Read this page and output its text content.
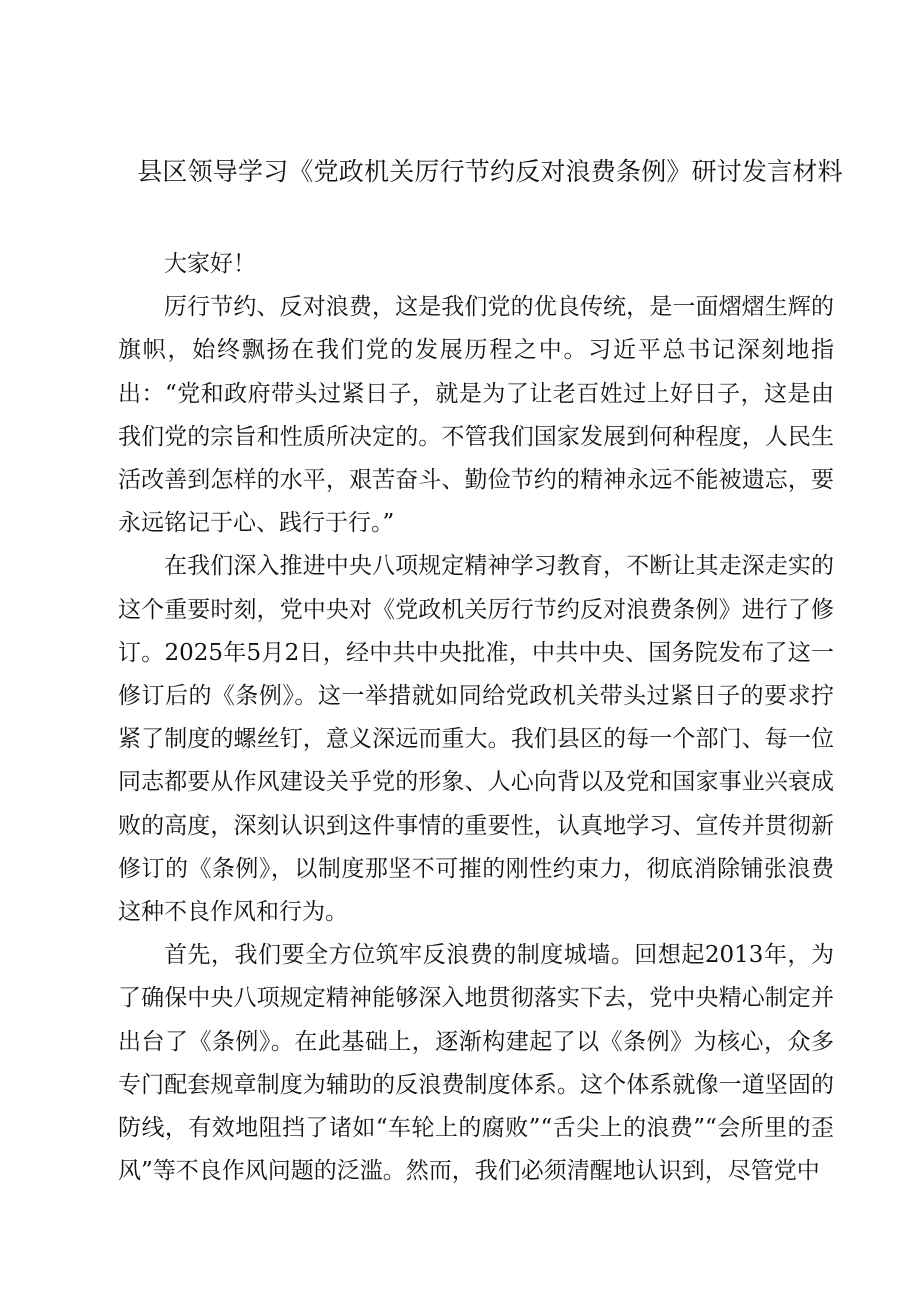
县区领导学习《党政机关厉行节约反对浪费条例》研讨发言材料

大家好！

厉行节约、反对浪费，这是我们党的优良传统，是一面熠熠生辉的旗帜，始终飘扬在我们党的发展历程之中。习近平总书记深刻地指出：“党和政府带头过紧日子，就是为了让老百姓过上好日子，这是由我们党的宗旨和性质所决定的。不管我们国家发展到何种程度，人民生活改善到怎样的水平，艰苦奋斗、勤俭节约的精神永远不能被遗忘，要永远铭记于心、践行于行。”

在我们深入推进中央八项规定精神学习教育，不断让其走深走实的这个重要时刻，党中央对《党政机关厉行节约反对浪费条例》进行了修订。2025年5月2日，经中共中央批准，中共中央、国务院发布了这一修订后的《条例》。这一举措就如同给党政机关带头过紧日子的要求拧紧了制度的螺丝钉，意义深远而重大。我们县区的每一个部门、每一位同志都要从作风建设关乎党的形象、人心向背以及党和国家事业兴衰成败的高度，深刻认识到这件事情的重要性，认真地学习、宣传并贯彻新修订的《条例》，以制度那坚不可摧的刚性约束力，彻底消除铺张浪费这种不良作风和行为。

首先，我们要全方位筑牢反浪费的制度城墙。回想起2013年，为了确保中央八项规定精神能够深入地贯彻落实下去，党中央精心制定并出台了《条例》。在此基础上，逐渐构建起了以《条例》为核心，众多专门配套规章制度为辅助的反浪费制度体系。这个体系就像一道坚固的防线，有效地阻挡了诸如“车轮上的腐败”“舌尖上的浪费”“会所里的歪风”等不良作风问题的泛滥。然而，我们必须清醒地认识到，尽管党中
